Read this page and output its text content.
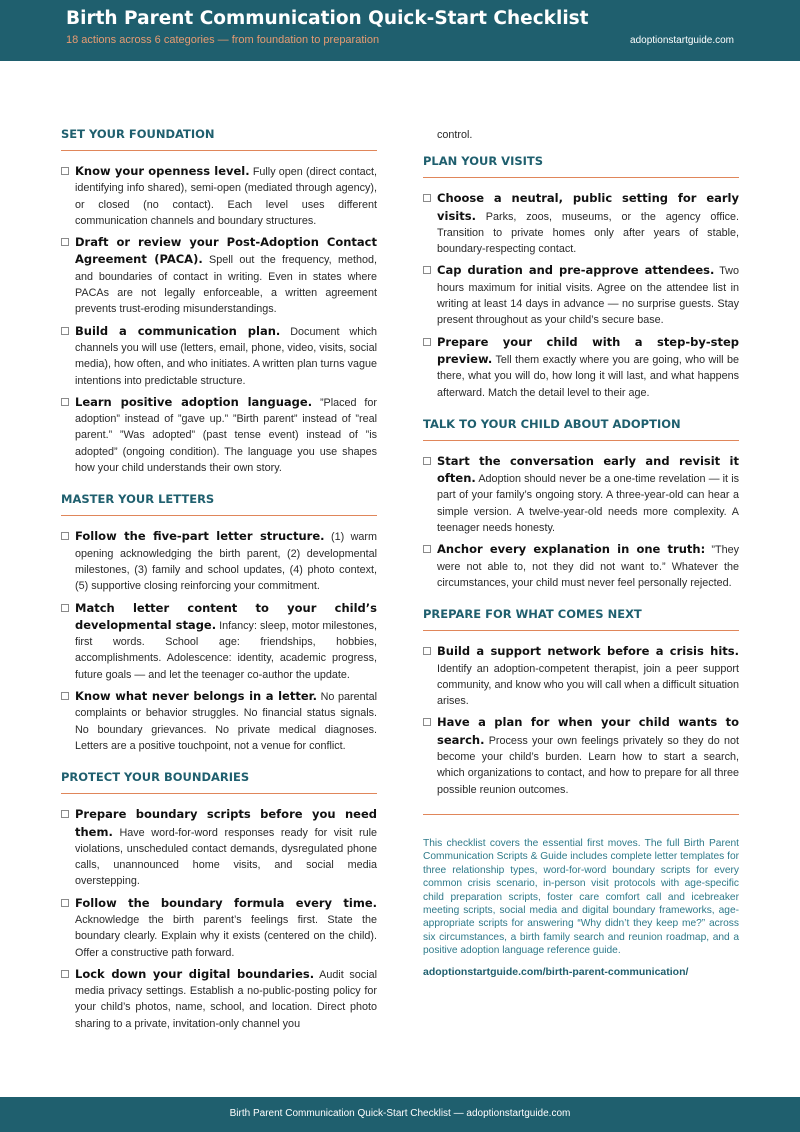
Birth Parent Communication Quick-Start Checklist
18 actions across 6 categories — from foundation to preparation	adoptionstartguide.com
SET YOUR FOUNDATION
Know your openness level. Fully open (direct contact, identifying info shared), semi-open (mediated through agency), or closed (no contact). Each level uses different communication channels and boundary structures.
Draft or review your Post-Adoption Contact Agreement (PACA). Spell out the frequency, method, and boundaries of contact in writing. Even in states where PACAs are not legally enforceable, a written agreement prevents trust-eroding misunderstandings.
Build a communication plan. Document which channels you will use (letters, email, phone, video, visits, social media), how often, and who initiates. A written plan turns vague intentions into predictable structure.
Learn positive adoption language. ”Placed for adoption” instead of ”gave up.” ”Birth parent” instead of ”real parent.” ”Was adopted” (past tense event) instead of ”is adopted” (ongoing condition). The language you use shapes how your child understands their own story.
MASTER YOUR LETTERS
Follow the five-part letter structure. (1) warm opening acknowledging the birth parent, (2) developmental milestones, (3) family and school updates, (4) photo context, (5) supportive closing reinforcing your commitment.
Match letter content to your child’s developmental stage. Infancy: sleep, motor milestones, first words. School age: friendships, hobbies, accomplishments. Adolescence: identity, academic progress, future goals — and let the teenager co-author the update.
Know what never belongs in a letter. No parental complaints or behavior struggles. No financial status signals. No boundary grievances. No private medical diagnoses. Letters are a positive touchpoint, not a venue for conflict.
PROTECT YOUR BOUNDARIES
Prepare boundary scripts before you need them. Have word-for-word responses ready for visit rule violations, unscheduled contact demands, dysregulated phone calls, unannounced home visits, and social media overstepping.
Follow the boundary formula every time. Acknowledge the birth parent’s feelings first. State the boundary clearly. Explain why it exists (centered on the child). Offer a constructive path forward.
Lock down your digital boundaries. Audit social media privacy settings. Establish a no-public-posting policy for your child’s photos, name, school, and location. Direct photo sharing to a private, invitation-only channel you
control.
PLAN YOUR VISITS
Choose a neutral, public setting for early visits. Parks, zoos, museums, or the agency office. Transition to private homes only after years of stable, boundary-respecting contact.
Cap duration and pre-approve attendees. Two hours maximum for initial visits. Agree on the attendee list in writing at least 14 days in advance — no surprise guests. Stay present throughout as your child’s secure base.
Prepare your child with a step-by-step preview. Tell them exactly where you are going, who will be there, what you will do, how long it will last, and what happens afterward. Match the detail level to their age.
TALK TO YOUR CHILD ABOUT ADOPTION
Start the conversation early and revisit it often. Adoption should never be a one-time revelation — it is part of your family’s ongoing story. A three-year-old can hear a simple version. A twelve-year-old needs more complexity. A teenager needs honesty.
Anchor every explanation in one truth: ”They were not able to, not they did not want to.” Whatever the circumstances, your child must never feel personally rejected.
PREPARE FOR WHAT COMES NEXT
Build a support network before a crisis hits. Identify an adoption-competent therapist, join a peer support community, and know who you will call when a difficult situation arises.
Have a plan for when your child wants to search. Process your own feelings privately so they do not become your child’s burden. Learn how to start a search, which organizations to contact, and how to prepare for all three possible reunion outcomes.

This checklist covers the essential first moves. The full Birth Parent Communication Scripts & Guide includes complete letter templates for three relationship types, word-for-word boundary scripts for every common crisis scenario, in-person visit protocols with age-specific child preparation scripts, foster care comfort call and icebreaker meeting scripts, social media and digital boundary frameworks, age-appropriate scripts for answering “Why didn’t they keep me?” across six circumstances, a birth family search and reunion roadmap, and a positive adoption language reference guide.

adoptionstartguide.com/birth-parent-communication/

Birth Parent Communication Quick-Start Checklist — adoptionstartguide.com
